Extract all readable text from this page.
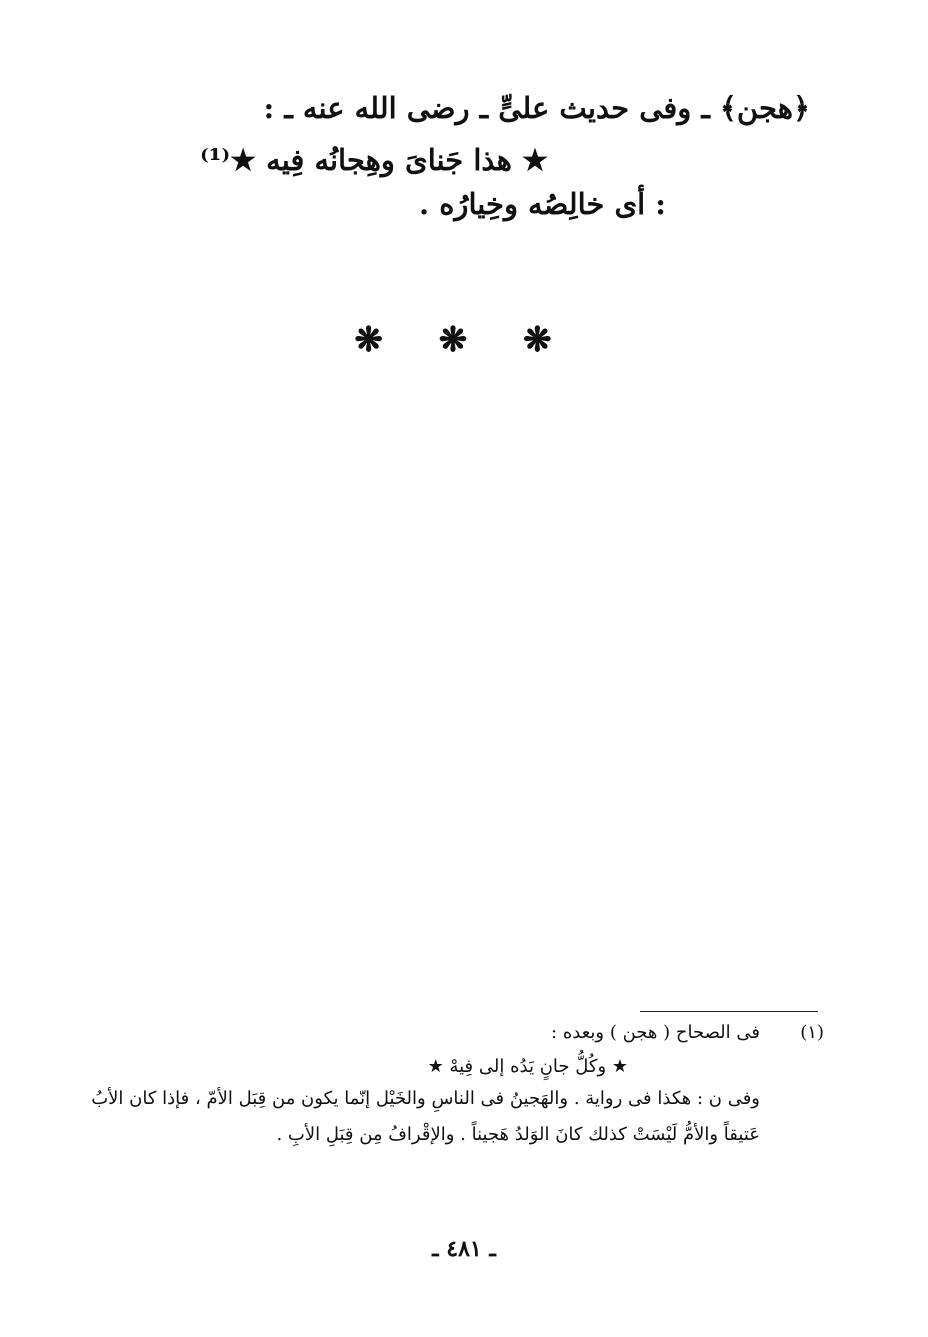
﴿هجن﴾ ـ وفى حديث علىٍّ ـ رضى الله عنه ـ :
★ هذا جَناىَ وهِجانُه فِيه ★⁽¹⁾
: أى خالِصُه وخِيارُه .
❋ ❋ ❋
(١)
فى الصحاح ( هجن ) وبعده :
★ وكُلُّ جانٍ يَدُه إلى فِيهْ ★
وفى ن : هكذا فى رواية . والهَجينُ فى الناسِ والخَيْل إنّما يكون من قِبَل الأمّ ، فإذا كان الأبُ
عَتيقاً والأمُّ لَيْسَتْ كذلك كانَ الوَلدُ هَجيناً . والإقْرافُ مِن قِبَلِ الأبِ .
ـ ٤٨١ ـ
